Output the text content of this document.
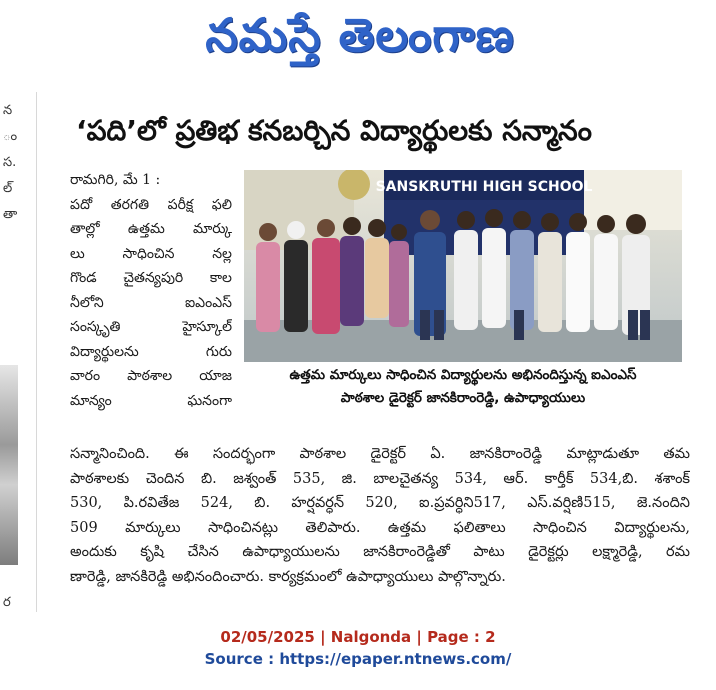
నమస్తే తెలంగాణ
న
ం
స.
ల్
తా
ర
‘పది’లో ప్రతిభ కనబర్చిన విద్యార్థులకు సన్మానం
రామగిరి, మే 1 :
పదో తరగతి పరీక్ష ఫలి
తాల్లో ఉత్తమ మార్కు
లు సాధించిన నల్ల
గొండ చైతన్యపురి కాల
నీలోని ఐఎంఎస్
సంస్కృతి హైస్కూల్
విద్యార్థులను గురు
వారం పాఠశాల యాజ
మాన్యం ఘనంగా
SANSKRUTHI HIGH SCHOOL
ఉత్తమ మార్కులు సాధించిన విద్యార్థులను అభినందిస్తున్న ఐఎంఎస్
పాఠశాల డైరెక్టర్ జానకిరాంరెడ్డి, ఉపాధ్యాయులు
సన్మానించింది. ఈ సందర్భంగా పాఠశాల డైరెక్టర్ ఏ. జానకిరాంరెడ్డి మాట్లాడుతూ తమ
పాఠశాలకు చెందిన బి. జశ్వంత్ 535, జి. బాలచైతన్య 534, ఆర్. కార్తీక్ 534,బి. శశాంక్
530, పి.రవితేజ 524, బి. హర్షవర్ధన్ 520, ఐ.ప్రవర్ధిని517, ఎస్.వర్షిణి515, జె.నందిని
509 మార్కులు సాధించినట్లు తెలిపారు. ఉత్తమ ఫలితాలు సాధించిన విద్యార్థులను,
అందుకు కృషి చేసిన ఉపాధ్యాయులను జానకిరాంరెడ్డితో పాటు డైరెక్టర్లు లక్ష్మారెడ్డి, రమ
ణారెడ్డి, జానకిరెడ్డి అభినందించారు. కార్యక్రమంలో ఉపాధ్యాయులు పాల్గొన్నారు.
02/05/2025 | Nalgonda | Page : 2
Source : https://epaper.ntnews.com/
